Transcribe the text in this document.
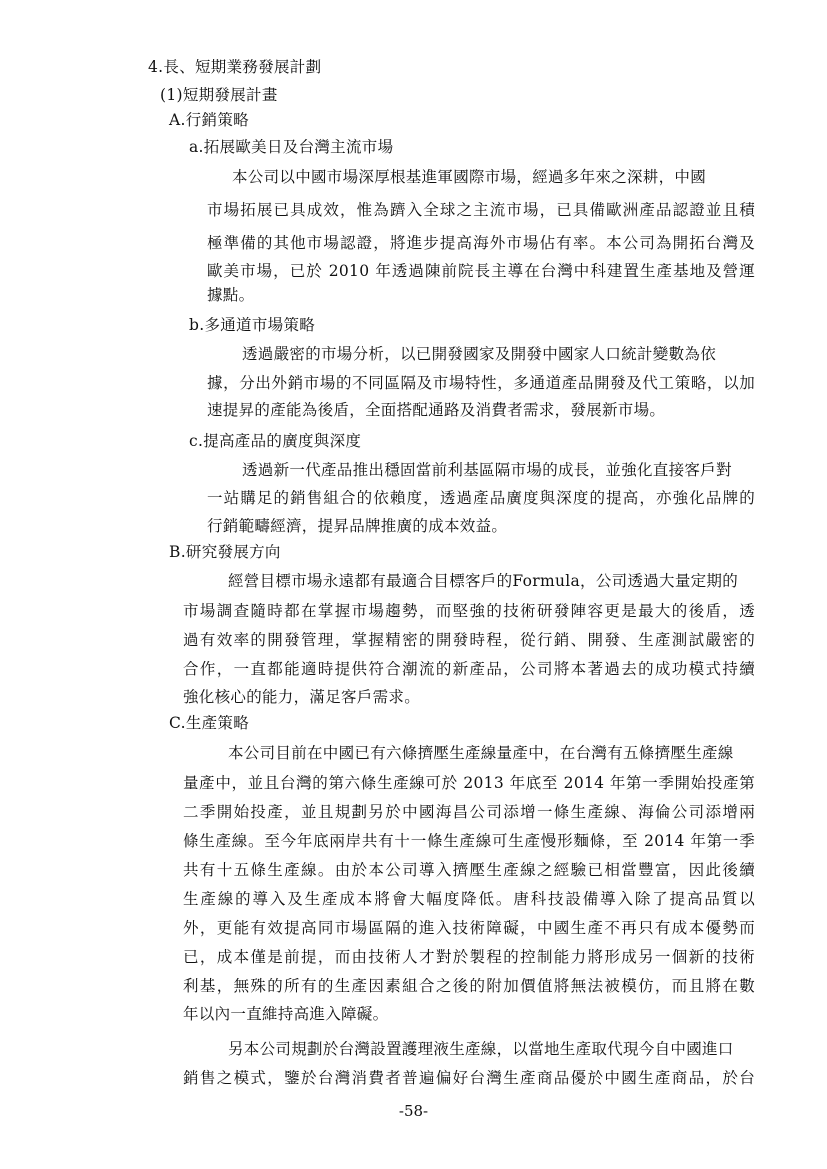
4.長、短期業務發展計劃
(1)短期發展計畫
A.行銷策略
a.拓展歐美日及台灣主流市場
本公司以中國市場深厚根基進軍國際市場，經過多年來之深耕，中國
市場拓展已具成效，惟為躋入全球之主流市場，已具備歐洲產品認證並且積
極準備的其他市場認證，將進步提高海外市場佔有率。本公司為開拓台灣及
歐美市場，已於 2010 年透過陳前院長主導在台灣中科建置生產基地及營運
據點。
b.多通道市場策略
透過嚴密的市場分析，以已開發國家及開發中國家人口統計變數為依
據，分出外銷市場的不同區隔及市場特性，多通道產品開發及代工策略，以加
速提昇的產能為後盾，全面搭配通路及消費者需求，發展新市場。
c.提高產品的廣度與深度
透過新一代產品推出穩固當前利基區隔市場的成長，並強化直接客戶對
一站購足的銷售組合的依賴度，透過產品廣度與深度的提高，亦強化品牌的
行銷範疇經濟，提昇品牌推廣的成本效益。
B.研究發展方向
經營目標市場永遠都有最適合目標客戶的Formula，公司透過大量定期的
市場調查隨時都在掌握市場趨勢，而堅強的技術研發陣容更是最大的後盾，透
過有效率的開發管理，掌握精密的開發時程，從行銷、開發、生產測試嚴密的
合作，一直都能適時提供符合潮流的新產品，公司將本著過去的成功模式持續
強化核心的能力，滿足客戶需求。
C.生產策略
本公司目前在中國已有六條擠壓生產線量產中，在台灣有五條擠壓生產線
量產中，並且台灣的第六條生產線可於 2013 年底至 2014 年第一季開始投產第
二季開始投產，並且規劃另於中國海昌公司添增一條生產線、海倫公司添增兩
條生產線。至今年底兩岸共有十一條生產線可生產慢形麵條，至 2014 年第一季
共有十五條生產線。由於本公司導入擠壓生產線之經驗已相當豐富，因此後續
生產線的導入及生產成本將會大幅度降低。唐科技設備導入除了提高品質以
外，更能有效提高同市場區隔的進入技術障礙，中國生產不再只有成本優勢而
已，成本僅是前提，而由技術人才對於製程的控制能力將形成另一個新的技術
利基，無殊的所有的生產因素組合之後的附加價值將無法被模仿，而且將在數
年以內一直維持高進入障礙。
另本公司規劃於台灣設置護理液生產線，以當地生產取代現今自中國進口
銷售之模式，鑒於台灣消費者普遍偏好台灣生產商品優於中國生產商品，於台
-58-
